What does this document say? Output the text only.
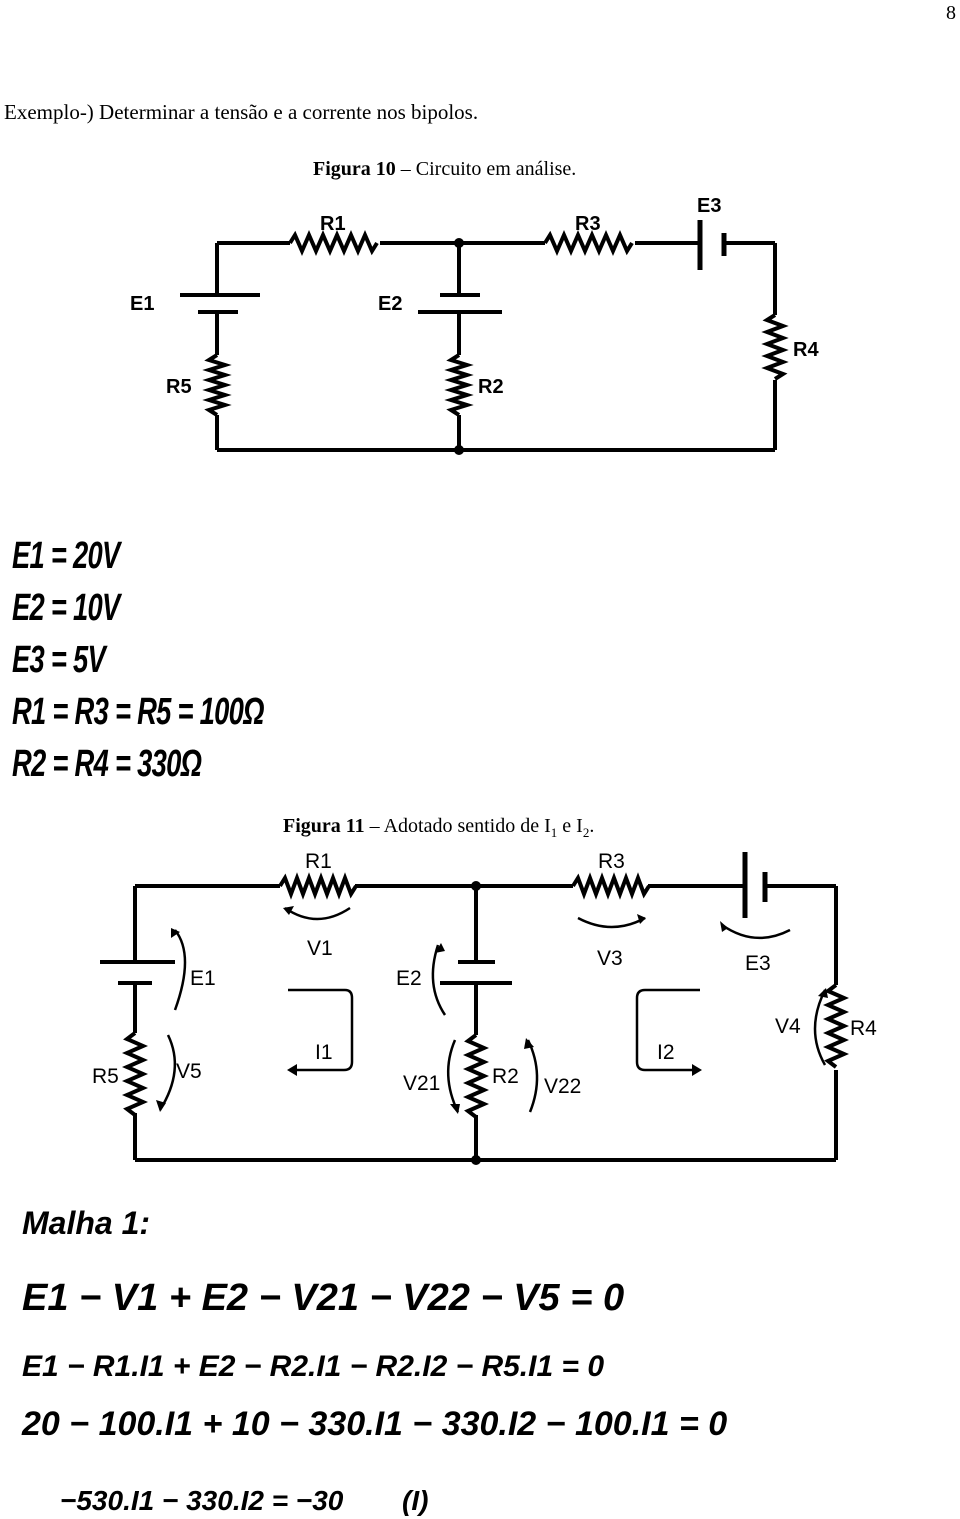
8
Exemplo-) Determinar a tensão e a corrente nos bipolos.
Figura 10 – Circuito em análise.
R1	R3
E3
E1	E2
R5	R2
R4
E1 = 20V
E2 = 10V
E3 = 5V
R1 = R3 = R5 = 100Ω
R2 = R4 = 330Ω
Figura 11 – Adotado sentido de $I_1$ e $I_2$.
R1	R3
V1	V3	E3
E1	E2
R5	V5
I1	I2
V21 R2 V22
V4 R4
Malha 1:
E1 − V1 + E2 − V21 − V22 − V5 = 0
E1 − R1.I1 + E2 − R2.I1 − R2.I2 − R5.I1 = 0
20 − 100.I1 + 10 − 330.I1 − 330.I2 − 100.I1 = 0
−530.I1 − 330.I2 = −30 (I)
